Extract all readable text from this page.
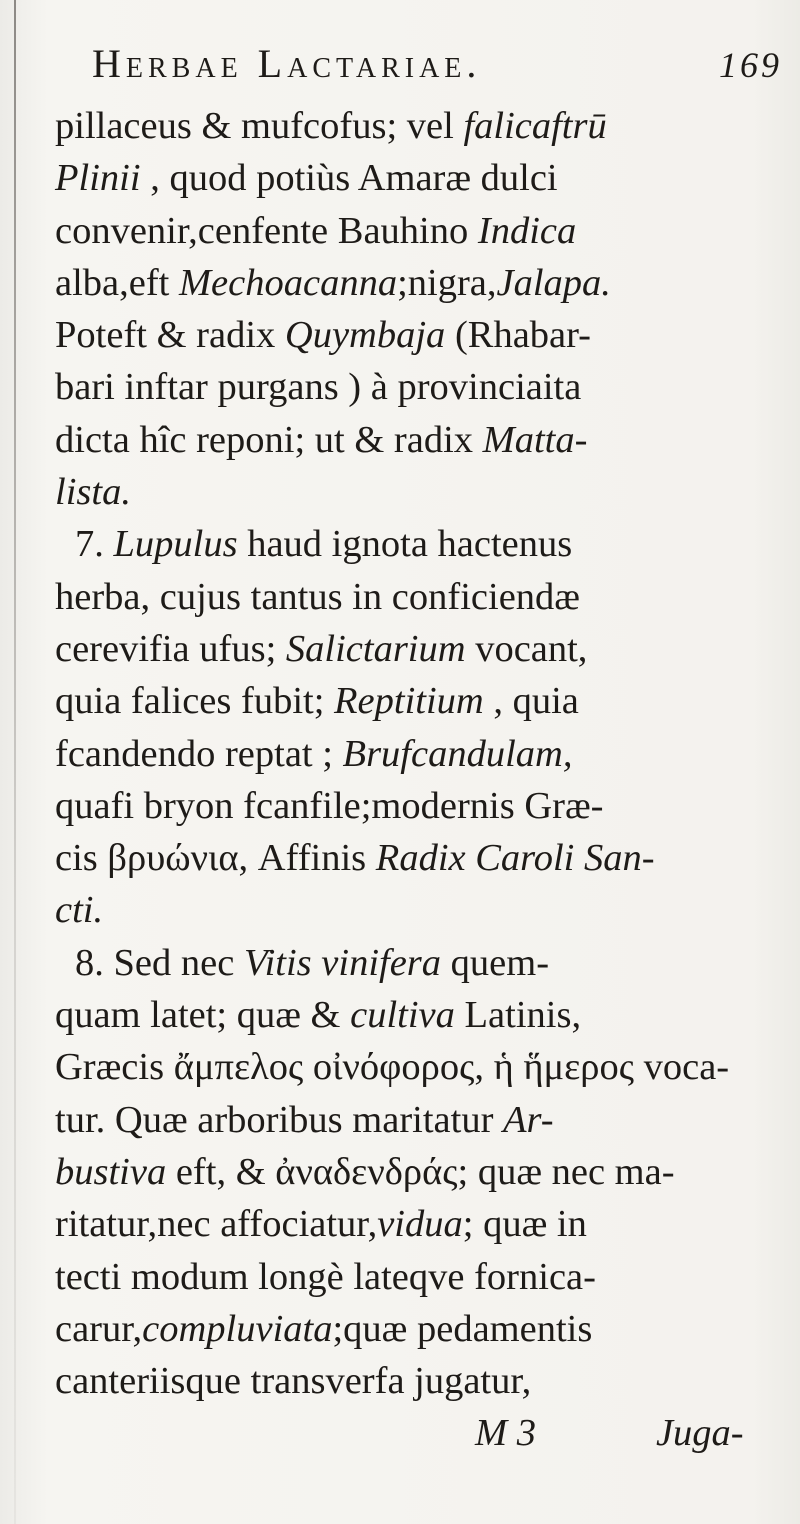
Herbae Lactariae.	169
pillaceus & mufcofus; vel falicaftrū
Plinii , quod potiùs Amaræ dulci
convenir,cenfente Bauhino Indica
alba,eft Mechoacanna;nigra,Jalapa.
Poteft & radix Quymbaja (Rhabar-
bari inftar purgans ) à provinciaita
dicta hîc reponi; ut & radix Matta-
lista.
7. Lupulus haud ignota hactenus
herba, cujus tantus in conficiendæ
cerevifia ufus; Salictarium vocant,
quia falices fubit; Reptitium , quia
fcandendo reptat ; Brufcandulam,
quafi bryon fcanfile;modernis Græ-
cis βρυώνια, Affinis Radix Caroli San-
cti.
8. Sed nec Vitis vinifera quem-
quam latet; quæ & cultiva Latinis,
Græcis ἄμπελος οἰνόφορος, ἡ ἥμερος voca-
tur. Quæ arboribus maritatur Ar-
bustiva eft, & ἀναδενδράς; quæ nec ma-
ritatur,nec affociatur,vidua; quæ in
tecti modum longè lateqve fornica-
carur,compluviata;quæ pedamentis
canteriisque transverfa jugatur,
M 3	Juga-
